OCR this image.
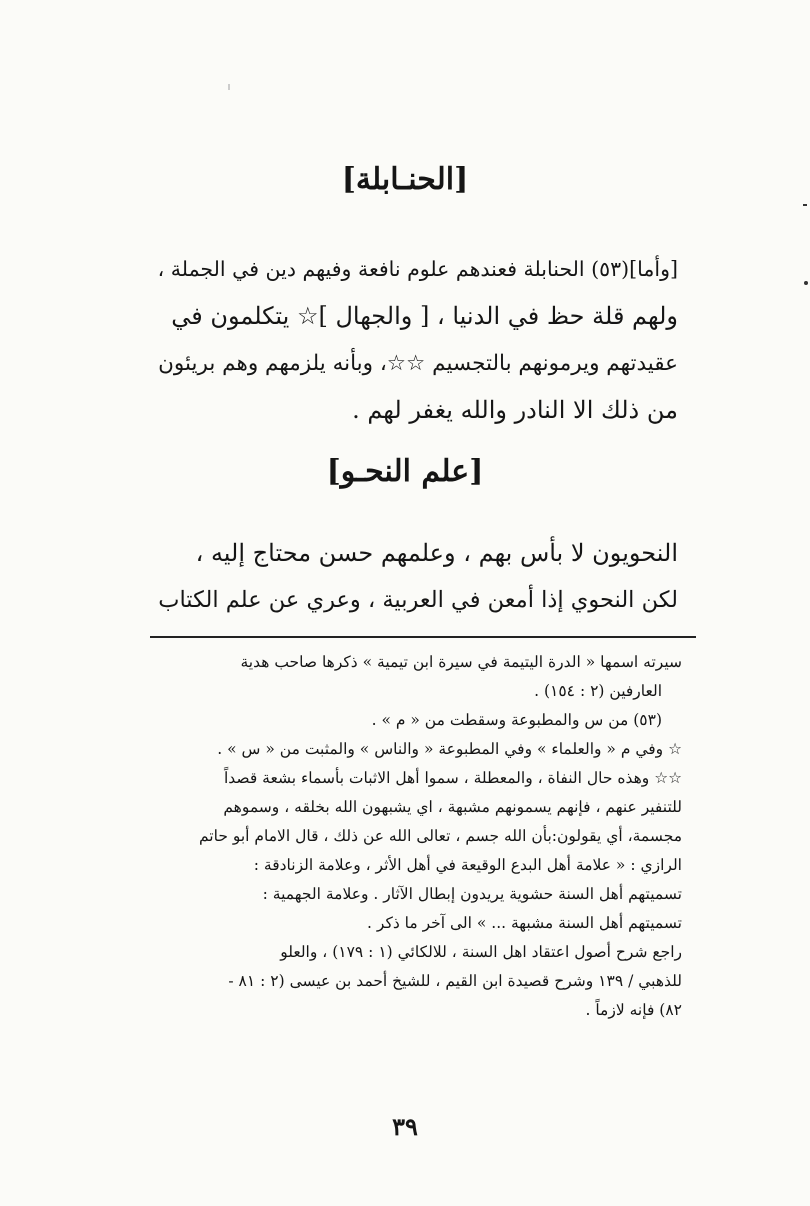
[الحنـابلة]
[وأما](٥٣) الحنابلة فعندهم علوم نافعة وفيهم دين في الجملة ،
ولهم قلة حظ في الدنيا ، [ والجهال ]☆ يتكلمون في
عقيدتهم ويرمونهم بالتجسيم ☆☆، وبأنه يلزمهم وهم بريئون
من ذلك الا النادر والله يغفر لهم .
[علم النحـو]
النحويون لا بأس بهم ، وعلمهم حسن محتاج إليه ،
لكن النحوي إذا أمعن في العربية ، وعري عن علم الكتاب
سيرته اسمها « الدرة اليتيمة في سيرة ابن تيمية » ذكرها صاحب هدية
العارفين (٢ : ١٥٤) .
(٥٣) من س والمطبوعة وسقطت من « م » .
☆ وفي م « والعلماء » وفي المطبوعة « والناس » والمثبت من « س » .
☆☆ وهذه حال النفاة ، والمعطلة ، سموا أهل الاثبات بأسماء بشعة قصداً
للتنفير عنهم ، فإنهم يسمونهم مشبهة ، اي يشبهون الله بخلقه ، وسموهم
مجسمة، أي يقولون:بأن الله جسم ، تعالى الله عن ذلك ، قال الامام أبو حاتم
الرازي : « علامة أهل البدع الوقيعة في أهل الأثر ، وعلامة الزنادقة :
تسميتهم أهل السنة حشوية يريدون إبطال الآثار . وعلامة الجهمية :
تسميتهم أهل السنة مشبهة ... » الى آخر ما ذكر .
راجع شرح أصول اعتقاد اهل السنة ، للالكائي (١ : ١٧٩) ، والعلو
للذهبي / ١٣٩ وشرح قصيدة ابن القيم ، للشيخ أحمد بن عيسى (٢ : ٨١ -
٨٢) فإنه لازماً .
٣٩
